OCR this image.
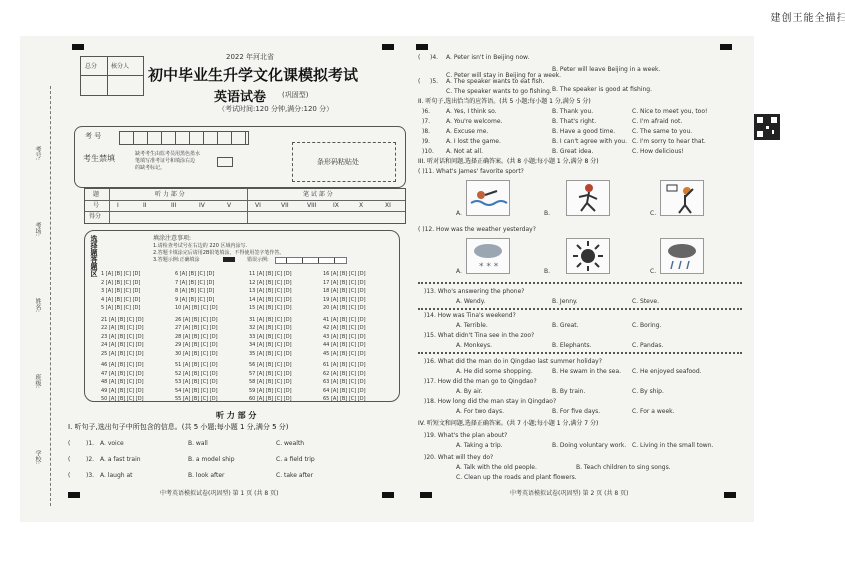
考号:
考场:
姓名:
班级:
学校:
总分 核分人
2022 年河北省
初中毕业生升学文化课模拟考试
英语试卷 (巩固型)
（考试时间:120 分钟,满分:120 分）
考 号
考生禁填	缺考考生由监考员用黑色墨水
笔填写准考证号和填涂右边
的缺考标记。
条形码粘贴处
题
号
得分
听 力 部 分	笔 试 部 分
I	II	III	IV	V	VI	VII	VIII	IX	X	XI
选择题答题区	填涂注意事项:
1.请检查考试号在右边的 220 区域内涂写.
2.答题卡填涂完后请用2B铅笔填涂，不得使用签字笔作答。
3.答题示例:正确填涂	错误示例:
1 [A] [B] [C] [D]	6 [A] [B] [C] [D]	11 [A] [B] [C] [D]	16 [A] [B] [C] [D]
2 [A] [B] [C] [D]	7 [A] [B] [C] [D]	12 [A] [B] [C] [D]	17 [A] [B] [C] [D]
3 [A] [B] [C] [D]	8 [A] [B] [C] [D]	13 [A] [B] [C] [D]	18 [A] [B] [C] [D]
4 [A] [B] [C] [D]	9 [A] [B] [C] [D]	14 [A] [B] [C] [D]	19 [A] [B] [C] [D]
5 [A] [B] [C] [D]	10 [A] [B] [C] [D]	15 [A] [B] [C] [D]	20 [A] [B] [C] [D]
21 [A] [B] [C] [D]	26 [A] [B] [C] [D]	31 [A] [B] [C] [D]	41 [A] [B] [C] [D]
22 [A] [B] [C] [D]	27 [A] [B] [C] [D]	32 [A] [B] [C] [D]	42 [A] [B] [C] [D]
23 [A] [B] [C] [D]	28 [A] [B] [C] [D]	33 [A] [B] [C] [D]	43 [A] [B] [C] [D]
24 [A] [B] [C] [D]	29 [A] [B] [C] [D]	34 [A] [B] [C] [D]	44 [A] [B] [C] [D]
25 [A] [B] [C] [D]	30 [A] [B] [C] [D]	35 [A] [B] [C] [D]	45 [A] [B] [C] [D]
46 [A] [B] [C] [D]	51 [A] [B] [C] [D]	56 [A] [B] [C] [D]	61 [A] [B] [C] [D]
47 [A] [B] [C] [D]	52 [A] [B] [C] [D]	57 [A] [B] [C] [D]	62 [A] [B] [C] [D]
48 [A] [B] [C] [D]	53 [A] [B] [C] [D]	58 [A] [B] [C] [D]	63 [A] [B] [C] [D]
49 [A] [B] [C] [D]	54 [A] [B] [C] [D]	59 [A] [B] [C] [D]	64 [A] [B] [C] [D]
50 [A] [B] [C] [D]	55 [A] [B] [C] [D]	60 [A] [B] [C] [D]	65 [A] [B] [C] [D]
听 力 部 分
I. 听句子,选出句子中所包含的信息。(共 5 小题;每小题 1 分,满分 5 分)
(	)1. A. voice	B. wall	C. wealth
(	)2. A. a fast train	B. a model ship	C. a field trip
(	)3. A. laugh at	B. look after	C. take after
中考英语模拟试卷(巩固型) 第 1 页 (共 8 页)
( )4. A. Peter isn't in Beijing now.
B. Peter will leave Beijing in a week.
C. Peter will stay in Beijing for a week.
( )5. A. The speaker wants to eat fish.
B. The speaker is good at fishing.
C. The speaker wants to go fishing.
II. 听句子,选出恰当的应答语。(共 5 小题;每小题 1 分,满分 5 分)
)6.	A. Yes, I think so.	B. Thank you.	C. Nice to meet you, too!
)7.	A. You're welcome.	B. That's right.	C. I'm afraid not.
)8.	A. Excuse me.	B. Have a good time.	C. The same to you.
)9.	A. I lost the game.	B. I can't agree with you. C. I'm sorry to hear that.
)10. A. Not at all.	B. Great idea.	C. How delicious!
III. 听对话和问题,选择正确答案。(共 8 小题;每小题 1 分,满分 8 分)
( )11. What's James' favorite sport?
A.	B.	C.
( )12. How was the weather yesterday?
A. * * *	B.	C.
)13. Who's answering the phone?
A. Wendy.	B. Jenny.	C. Steve.
)14. How was Tina's weekend?
A. Terrible.	B. Great.	C. Boring.
)15. What didn't Tina see in the zoo?
A. Monkeys.	B. Elephants.	C. Pandas.
)16. What did the man do in Qingdao last summer holiday?
A. He did some shopping.	B. He swam in the sea. C. He enjoyed seafood.
)17. How did the man go to Qingdao?
A. By air.	B. By train.	C. By ship.
)18. How long did the man stay in Qingdao?
A. For two days.	B. For five days.	C. For a week.
IV. 听短文和问题,选择正确答案。(共 7 小题;每小题 1 分,满分 7 分)
)19. What's the plan about?
A. Taking a trip.	B. Doing voluntary work. C. Living in the small town.
)20. What will they do?
A. Talk with the old people.	B. Teach children to sing songs.
C. Clean up the roads and plant flowers.
中考英语模拟试卷(巩固型) 第 2 页 (共 8 页)
扫描全能王 创建
